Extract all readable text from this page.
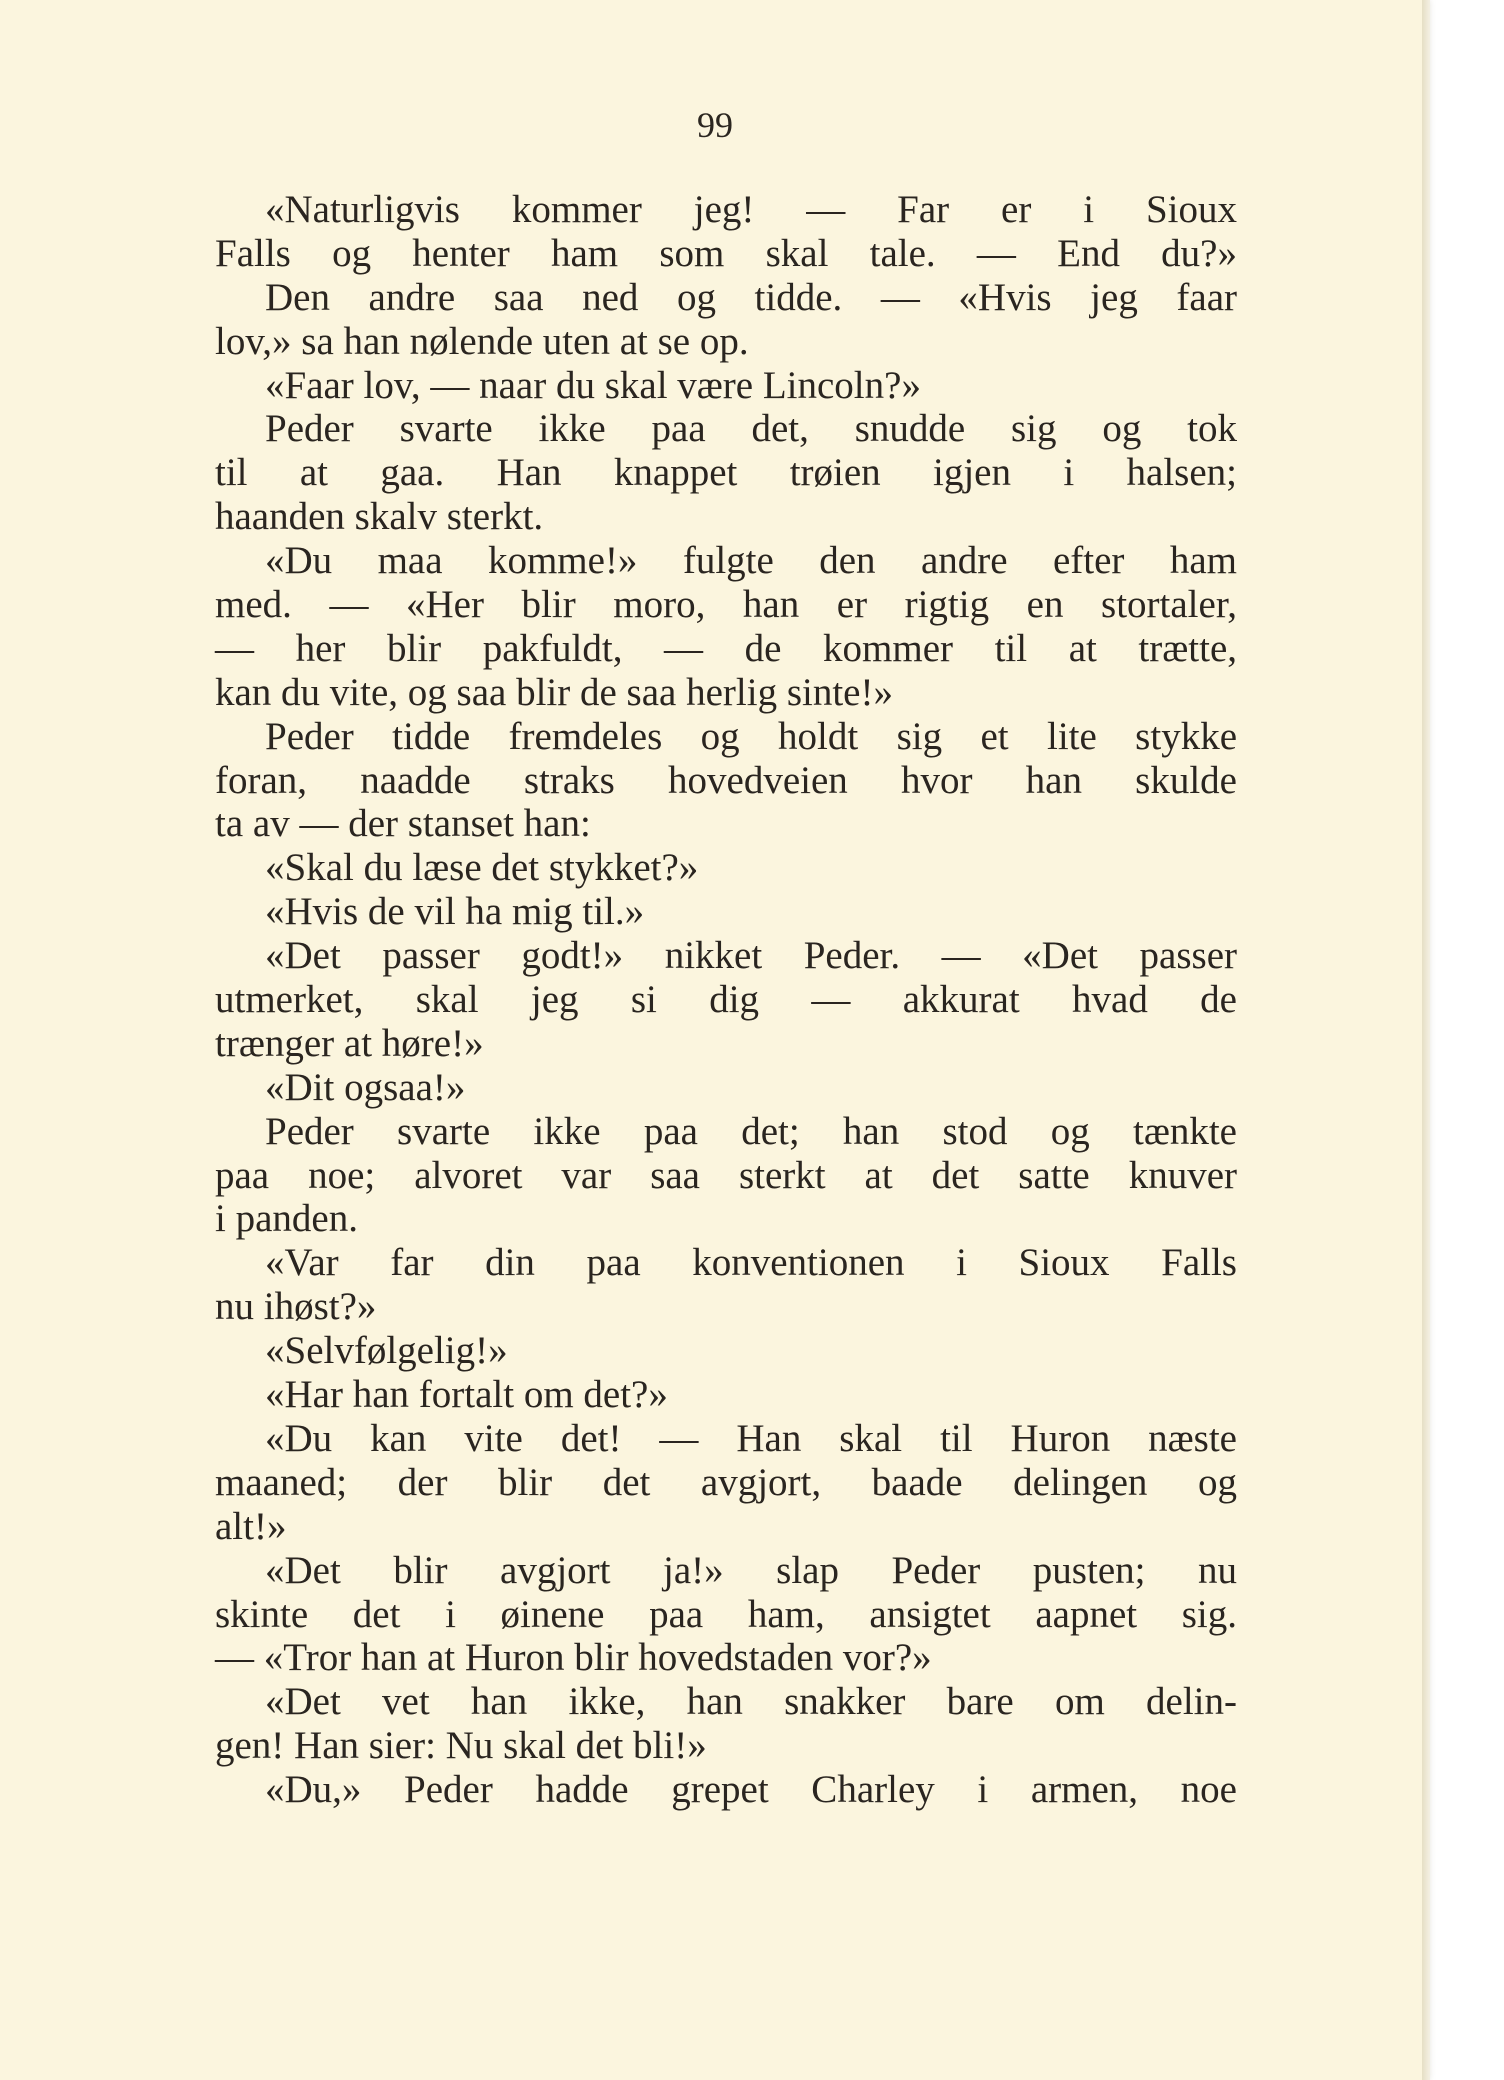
99
«Naturligvis kommer jeg! — Far er i Sioux
Falls og henter ham som skal tale. — End du?»
Den andre saa ned og tidde. — «Hvis jeg faar
lov,» sa han nølende uten at se op.
«Faar lov, — naar du skal være Lincoln?»
Peder svarte ikke paa det, snudde sig og tok
til at gaa. Han knappet trøien igjen i halsen;
haanden skalv sterkt.
«Du maa komme!» fulgte den andre efter ham
med. — «Her blir moro, han er rigtig en stortaler,
— her blir pakfuldt, — de kommer til at trætte,
kan du vite, og saa blir de saa herlig sinte!»
Peder tidde fremdeles og holdt sig et lite stykke
foran, naadde straks hovedveien hvor han skulde
ta av — der stanset han:
«Skal du læse det stykket?»
«Hvis de vil ha mig til.»
«Det passer godt!» nikket Peder. — «Det passer
utmerket, skal jeg si dig — akkurat hvad de
trænger at høre!»
«Dit ogsaa!»
Peder svarte ikke paa det; han stod og tænkte
paa noe; alvoret var saa sterkt at det satte knuver
i panden.
«Var far din paa konventionen i Sioux Falls
nu ihøst?»
«Selvfølgelig!»
«Har han fortalt om det?»
«Du kan vite det! — Han skal til Huron næste
maaned; der blir det avgjort, baade delingen og
alt!»
«Det blir avgjort ja!» slap Peder pusten; nu
skinte det i øinene paa ham, ansigtet aapnet sig.
— «Tror han at Huron blir hovedstaden vor?»
«Det vet han ikke, han snakker bare om delin-
gen! Han sier: Nu skal det bli!»
«Du,» Peder hadde grepet Charley i armen, noe
